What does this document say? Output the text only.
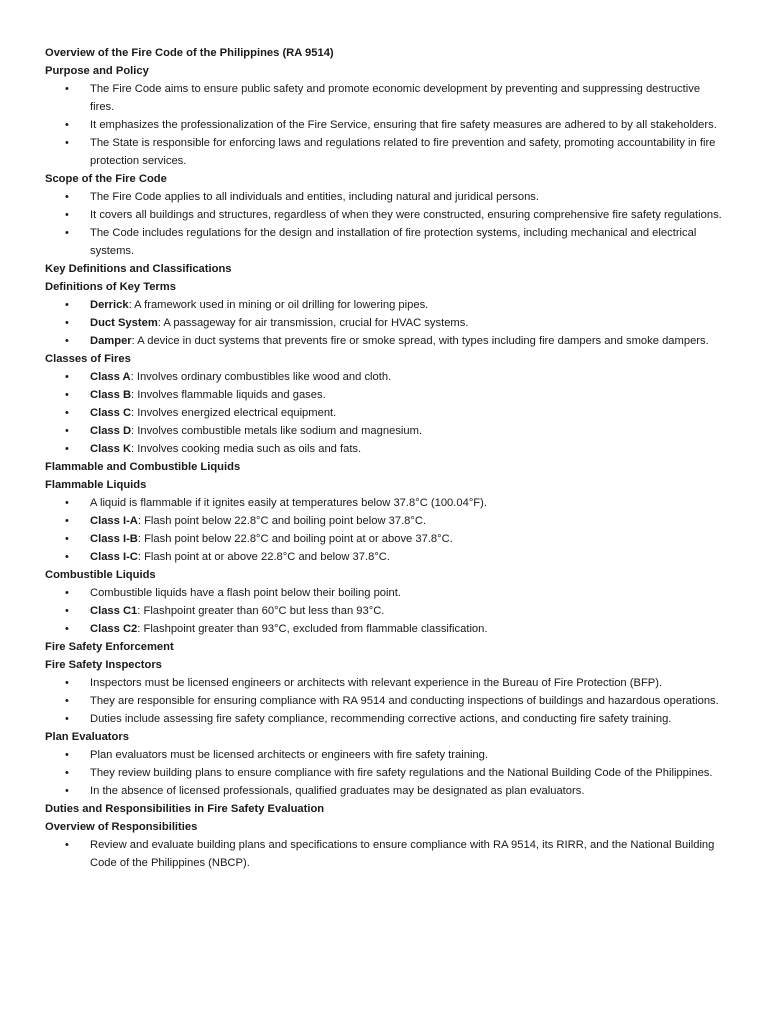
Overview of the Fire Code of the Philippines (RA 9514)
Purpose and Policy
• The Fire Code aims to ensure public safety and promote economic development by preventing and suppressing destructive fires.
• It emphasizes the professionalization of the Fire Service, ensuring that fire safety measures are adhered to by all stakeholders.
• The State is responsible for enforcing laws and regulations related to fire prevention and safety, promoting accountability in fire protection services.
Scope of the Fire Code
• The Fire Code applies to all individuals and entities, including natural and juridical persons.
• It covers all buildings and structures, regardless of when they were constructed, ensuring comprehensive fire safety regulations.
• The Code includes regulations for the design and installation of fire protection systems, including mechanical and electrical systems.
Key Definitions and Classifications
Definitions of Key Terms
• Derrick: A framework used in mining or oil drilling for lowering pipes.
• Duct System: A passageway for air transmission, crucial for HVAC systems.
• Damper: A device in duct systems that prevents fire or smoke spread, with types including fire dampers and smoke dampers.
Classes of Fires
• Class A: Involves ordinary combustibles like wood and cloth.
• Class B: Involves flammable liquids and gases.
• Class C: Involves energized electrical equipment.
• Class D: Involves combustible metals like sodium and magnesium.
• Class K: Involves cooking media such as oils and fats.
Flammable and Combustible Liquids
Flammable Liquids
• A liquid is flammable if it ignites easily at temperatures below 37.8°C (100.04°F).
• Class I-A: Flash point below 22.8°C and boiling point below 37.8°C.
• Class I-B: Flash point below 22.8°C and boiling point at or above 37.8°C.
• Class I-C: Flash point at or above 22.8°C and below 37.8°C.
Combustible Liquids
• Combustible liquids have a flash point below their boiling point.
• Class C1: Flashpoint greater than 60°C but less than 93°C.
• Class C2: Flashpoint greater than 93°C, excluded from flammable classification.
Fire Safety Enforcement
Fire Safety Inspectors
• Inspectors must be licensed engineers or architects with relevant experience in the Bureau of Fire Protection (BFP).
• They are responsible for ensuring compliance with RA 9514 and conducting inspections of buildings and hazardous operations.
• Duties include assessing fire safety compliance, recommending corrective actions, and conducting fire safety training.
Plan Evaluators
• Plan evaluators must be licensed architects or engineers with fire safety training.
• They review building plans to ensure compliance with fire safety regulations and the National Building Code of the Philippines.
• In the absence of licensed professionals, qualified graduates may be designated as plan evaluators.
Duties and Responsibilities in Fire Safety Evaluation
Overview of Responsibilities
• Review and evaluate building plans and specifications to ensure compliance with RA 9514, its RIRR, and the National Building Code of the Philippines (NBCP).
